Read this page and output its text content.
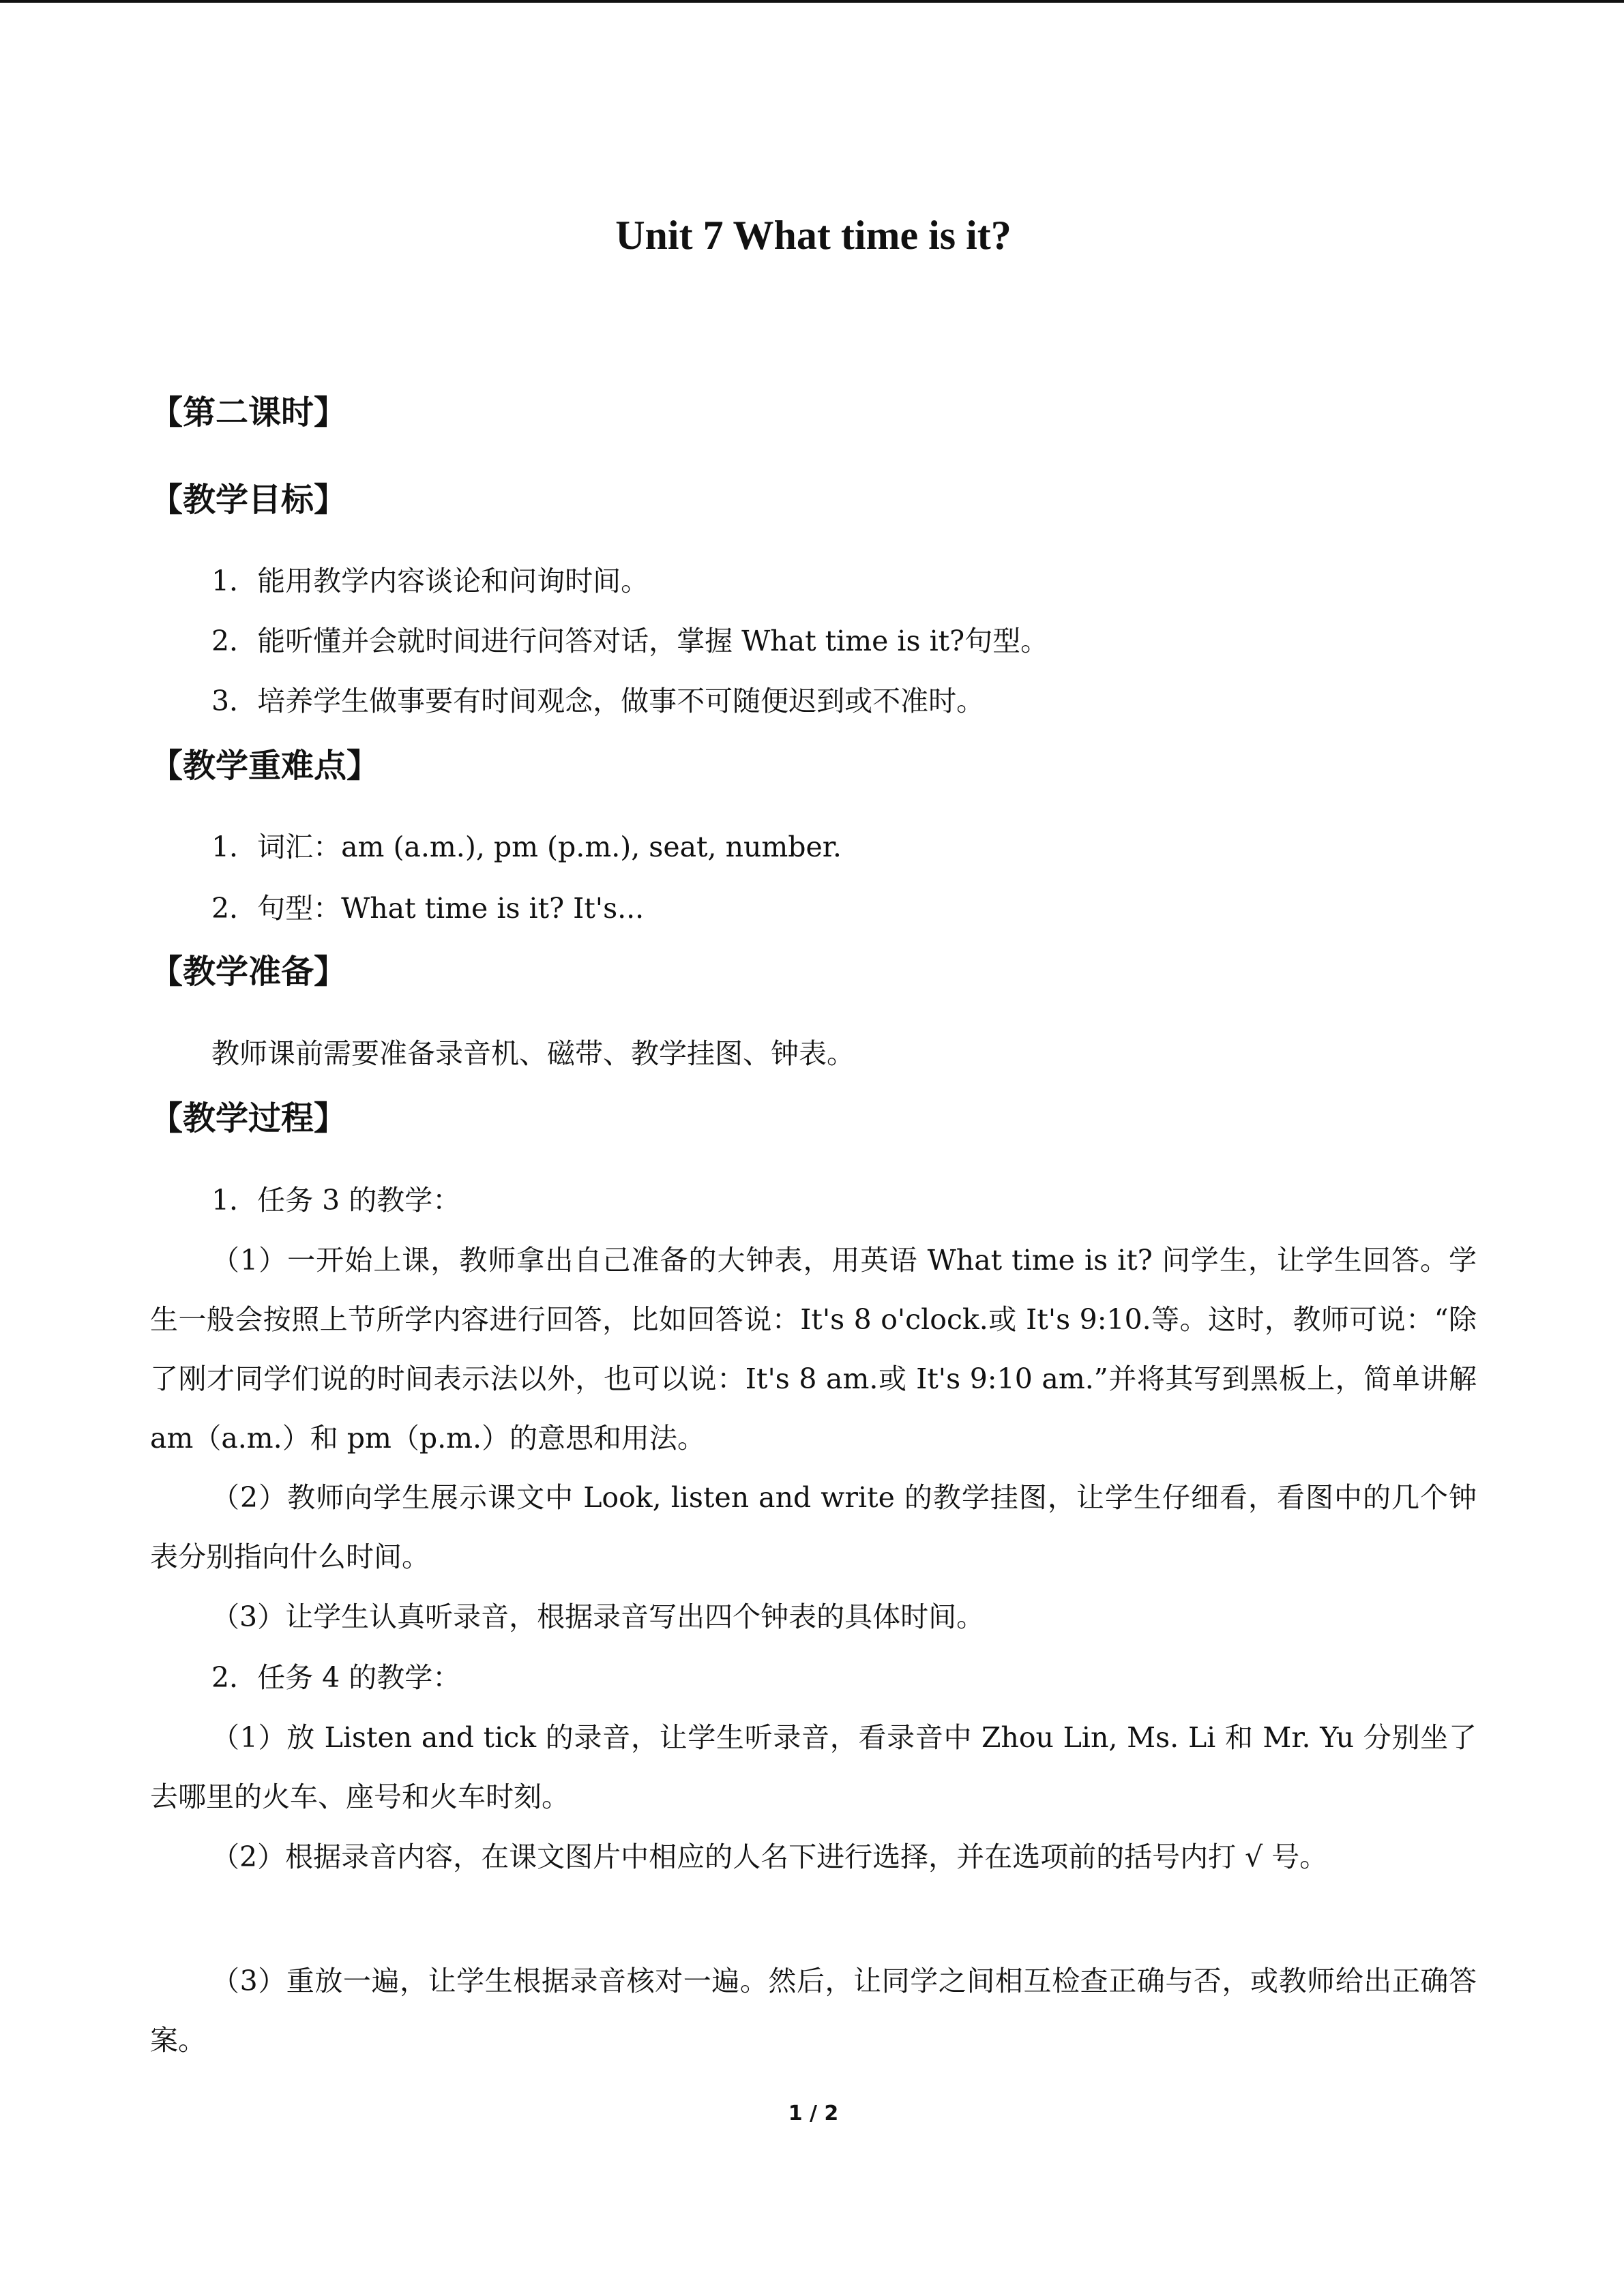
Unit 7 What time is it?
【第二课时】
【教学目标】

1．能用教学内容谈论和问询时间。

2．能听懂并会就时间进行问答对话，掌握 What time is it?句型。

3．培养学生做事要有时间观念，做事不可随便迟到或不准时。

【教学重难点】

1．词汇：am (a.m.), pm (p.m.), seat, number.

2．句型：What time is it? It's...

【教学准备】

教师课前需要准备录音机、磁带、教学挂图、钟表。

【教学过程】

1．任务 3 的教学：

（1）一开始上课，教师拿出自己准备的大钟表，用英语 What time is it? 问学生，让学生回答。学生一般会按照上节所学内容进行回答，比如回答说：It's 8 o'clock.或 It's 9:10.等。这时，教师可说：“除了刚才同学们说的时间表示法以外，也可以说：It's 8 am.或 It's 9:10 am.”并将其写到黑板上，简单讲解 am（a.m.）和 pm（p.m.）的意思和用法。

（2）教师向学生展示课文中 Look, listen and write 的教学挂图，让学生仔细看，看图中的几个钟表分别指向什么时间。

（3）让学生认真听录音，根据录音写出四个钟表的具体时间。

2．任务 4 的教学：

（1）放 Listen and tick 的录音，让学生听录音，看录音中 Zhou Lin, Ms. Li 和 Mr. Yu 分别坐了去哪里的火车、座号和火车时刻。

（2）根据录音内容，在课文图片中相应的人名下进行选择，并在选项前的括号内打 √ 号。

（3）重放一遍，让学生根据录音核对一遍。然后，让同学之间相互检查正确与否，或教师给出正确答案。

1 / 2
